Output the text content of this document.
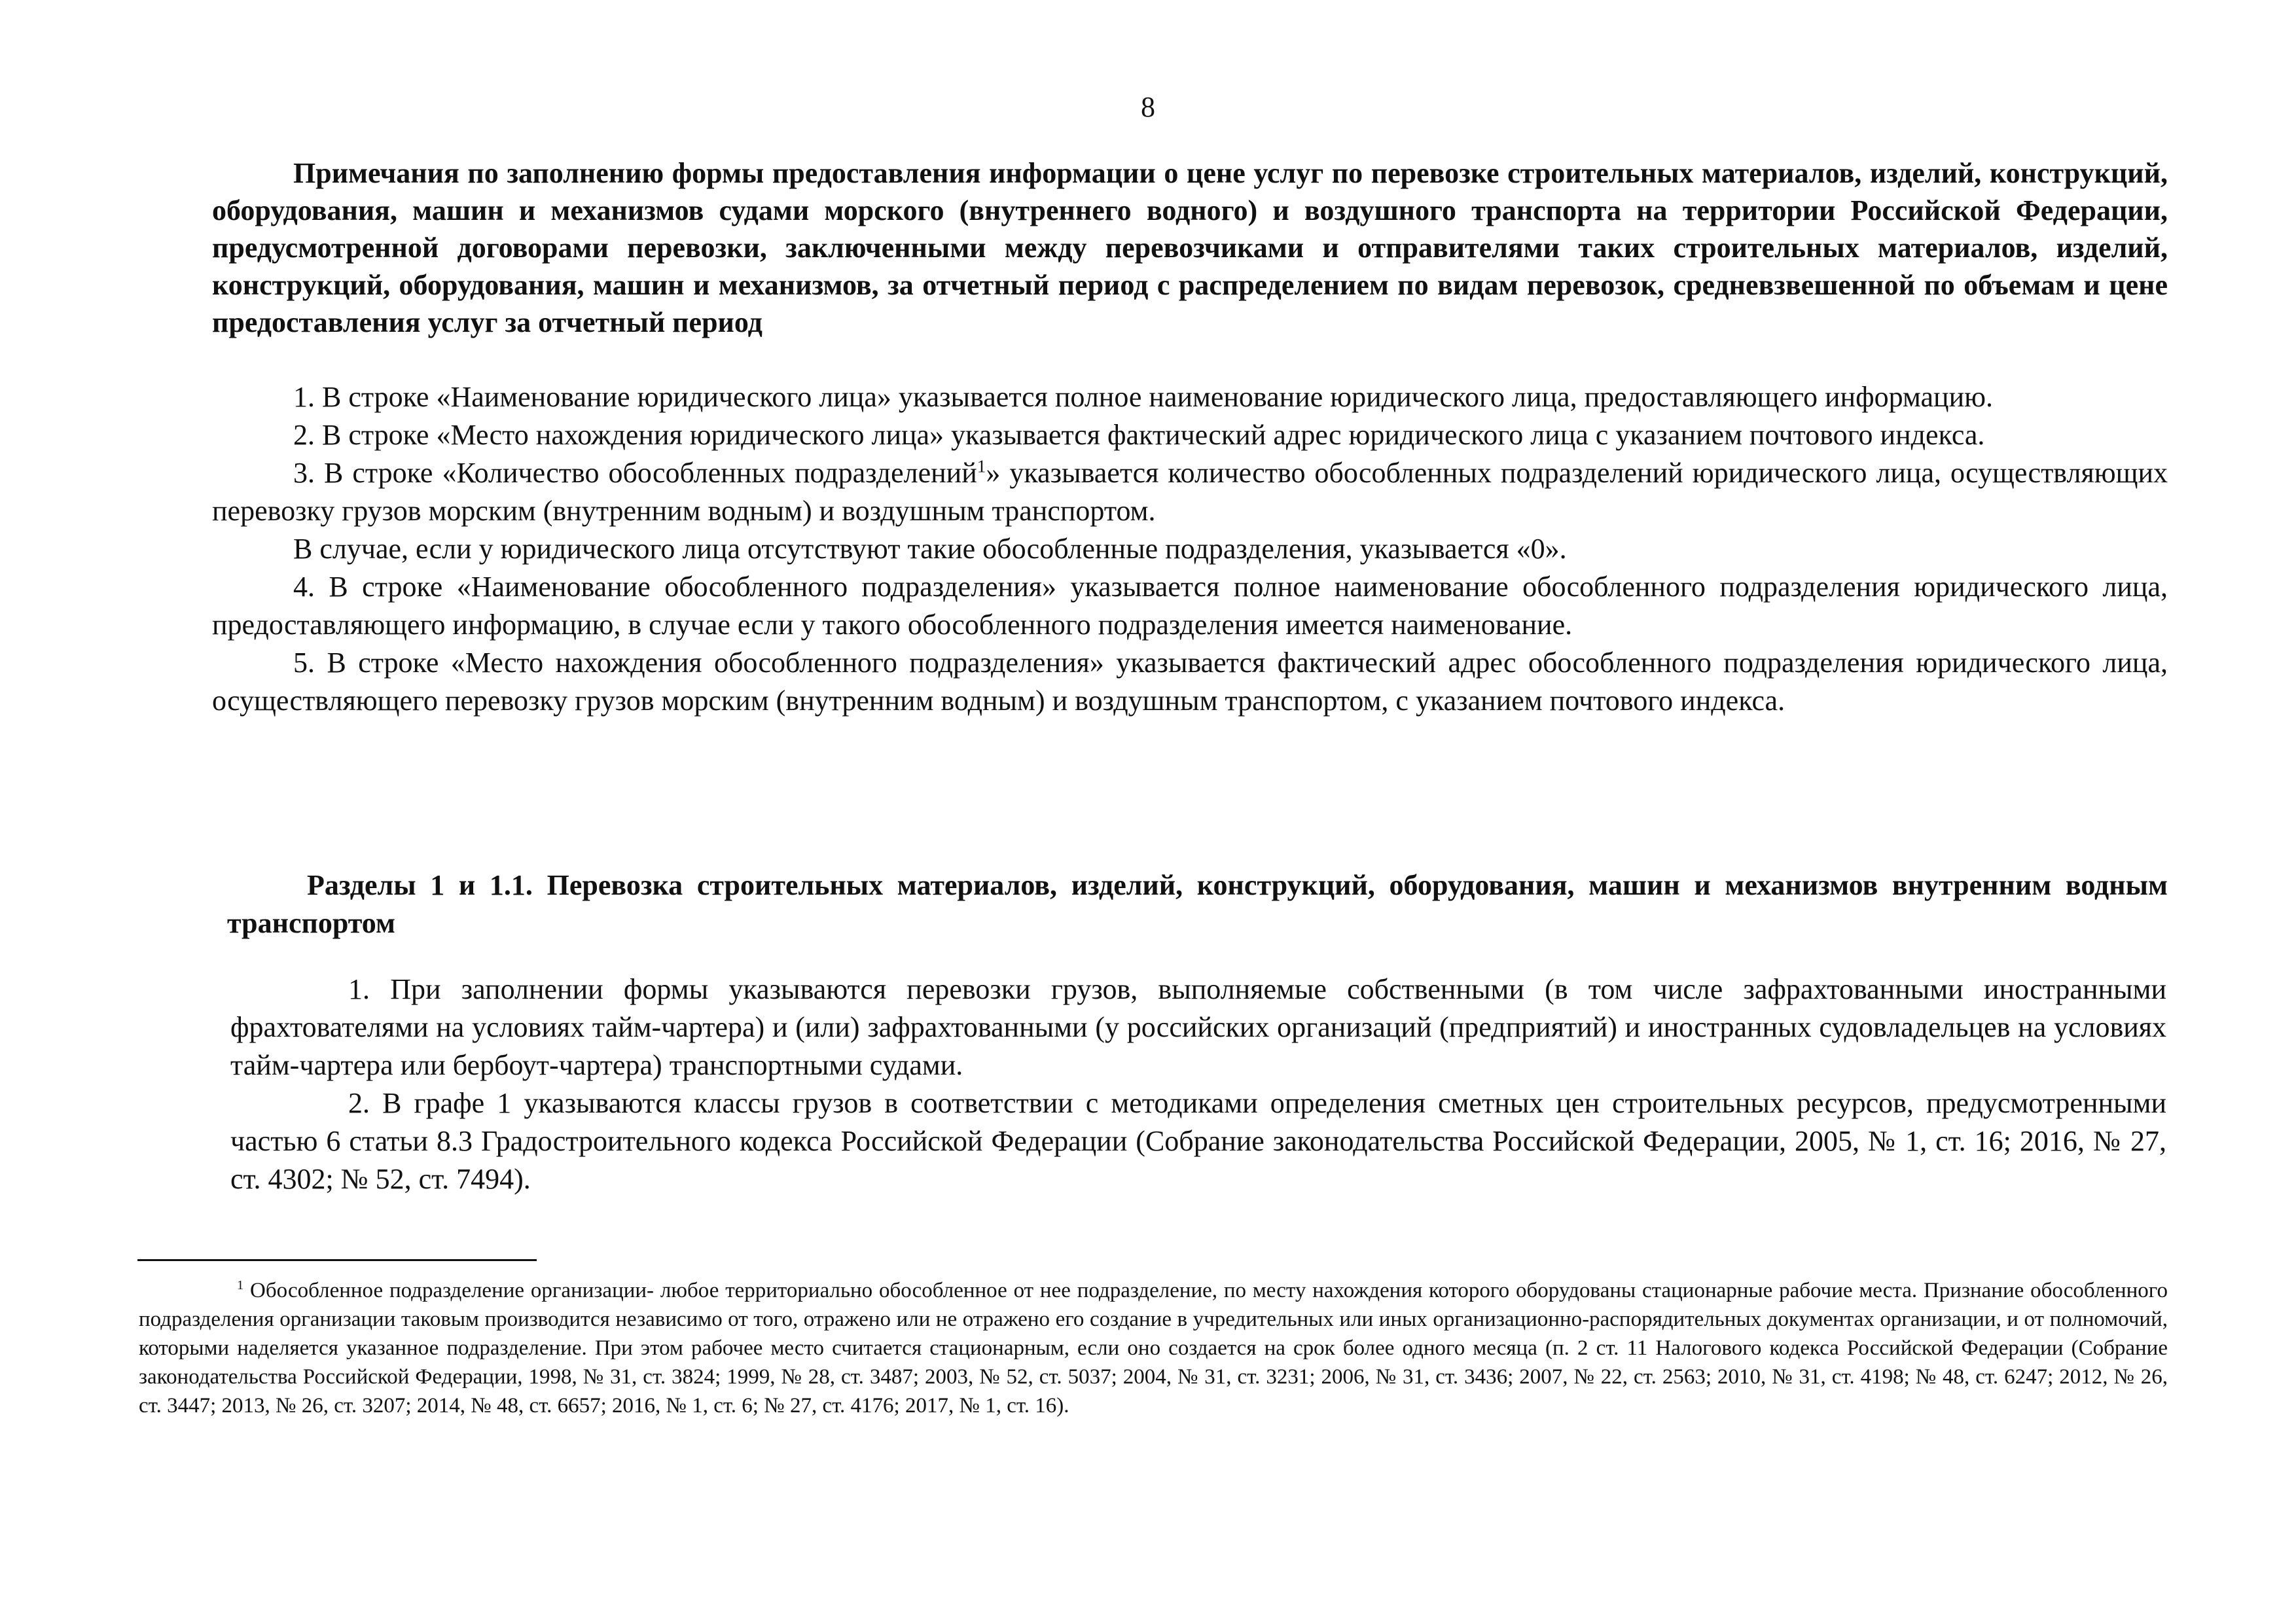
8
Примечания по заполнению формы предоставления информации о цене услуг по перевозке строительных материалов, изделий, конструкций, оборудования, машин и механизмов судами морского (внутреннего водного) и воздушного транспорта на территории Российской Федерации, предусмотренной договорами перевозки, заключенными между перевозчиками и отправителями таких строительных материалов, изделий, конструкций, оборудования, машин и механизмов, за отчетный период с распределением по видам перевозок, средневзвешенной по объемам и цене предоставления услуг за отчетный период

1. В строке «Наименование юридического лица» указывается полное наименование юридического лица, предоставляющего информацию.

2. В строке «Место нахождения юридического лица» указывается фактический адрес юридического лица с указанием почтового индекса.

3. В строке «Количество обособленных подразделений$^1$» указывается количество обособленных подразделений юридического лица, осуществляющих перевозку грузов морским (внутренним водным) и воздушным транспортом.

В случае, если у юридического лица отсутствуют такие обособленные подразделения, указывается «0».

4. В строке «Наименование обособленного подразделения» указывается полное наименование обособленного подразделения юридического лица, предоставляющего информацию, в случае если у такого обособленного подразделения имеется наименование.

5. В строке «Место нахождения обособленного подразделения» указывается фактический адрес обособленного подразделения юридического лица, осуществляющего перевозку грузов морским (внутренним водным) и воздушным транспортом, с указанием почтового индекса.

Разделы 1 и 1.1. Перевозка строительных материалов, изделий, конструкций, оборудования, машин и механизмов внутренним водным транспортом

1. При заполнении формы указываются перевозки грузов, выполняемые собственными (в том числе зафрахтованными иностранными фрахтователями на условиях тайм-чартера) и (или) зафрахтованными (у российских организаций (предприятий) и иностранных судовладельцев на условиях тайм-чартера или бербоут-чартера) транспортными судами.

2. В графе 1 указываются классы грузов в соответствии с методиками определения сметных цен строительных ресурсов, предусмотренными частью 6 статьи 8.3 Градостроительного кодекса Российской Федерации (Собрание законодательства Российской Федерации, 2005, № 1, ст. 16; 2016, № 27, ст. 4302; № 52, ст. 7494).

$^1$ Обособленное подразделение организации- любое территориально обособленное от нее подразделение, по месту нахождения которого оборудованы стационарные рабочие места. Признание обособленного подразделения организации таковым производится независимо от того, отражено или не отражено его создание в учредительных или иных организационно-распорядительных документах организации, и от полномочий, которыми наделяется указанное подразделение. При этом рабочее место считается стационарным, если оно создается на срок более одного месяца (п. 2 ст. 11 Налогового кодекса Российской Федерации (Собрание законодательства Российской Федерации, 1998, № 31, ст. 3824; 1999, № 28, ст. 3487; 2003, № 52, ст. 5037; 2004, № 31, ст. 3231; 2006, № 31, ст. 3436; 2007, № 22, ст. 2563; 2010, № 31, ст. 4198; № 48, ст. 6247; 2012, № 26, ст. 3447; 2013, № 26, ст. 3207; 2014, № 48, ст. 6657; 2016, № 1, ст. 6; № 27, ст. 4176; 2017, № 1, ст. 16).
